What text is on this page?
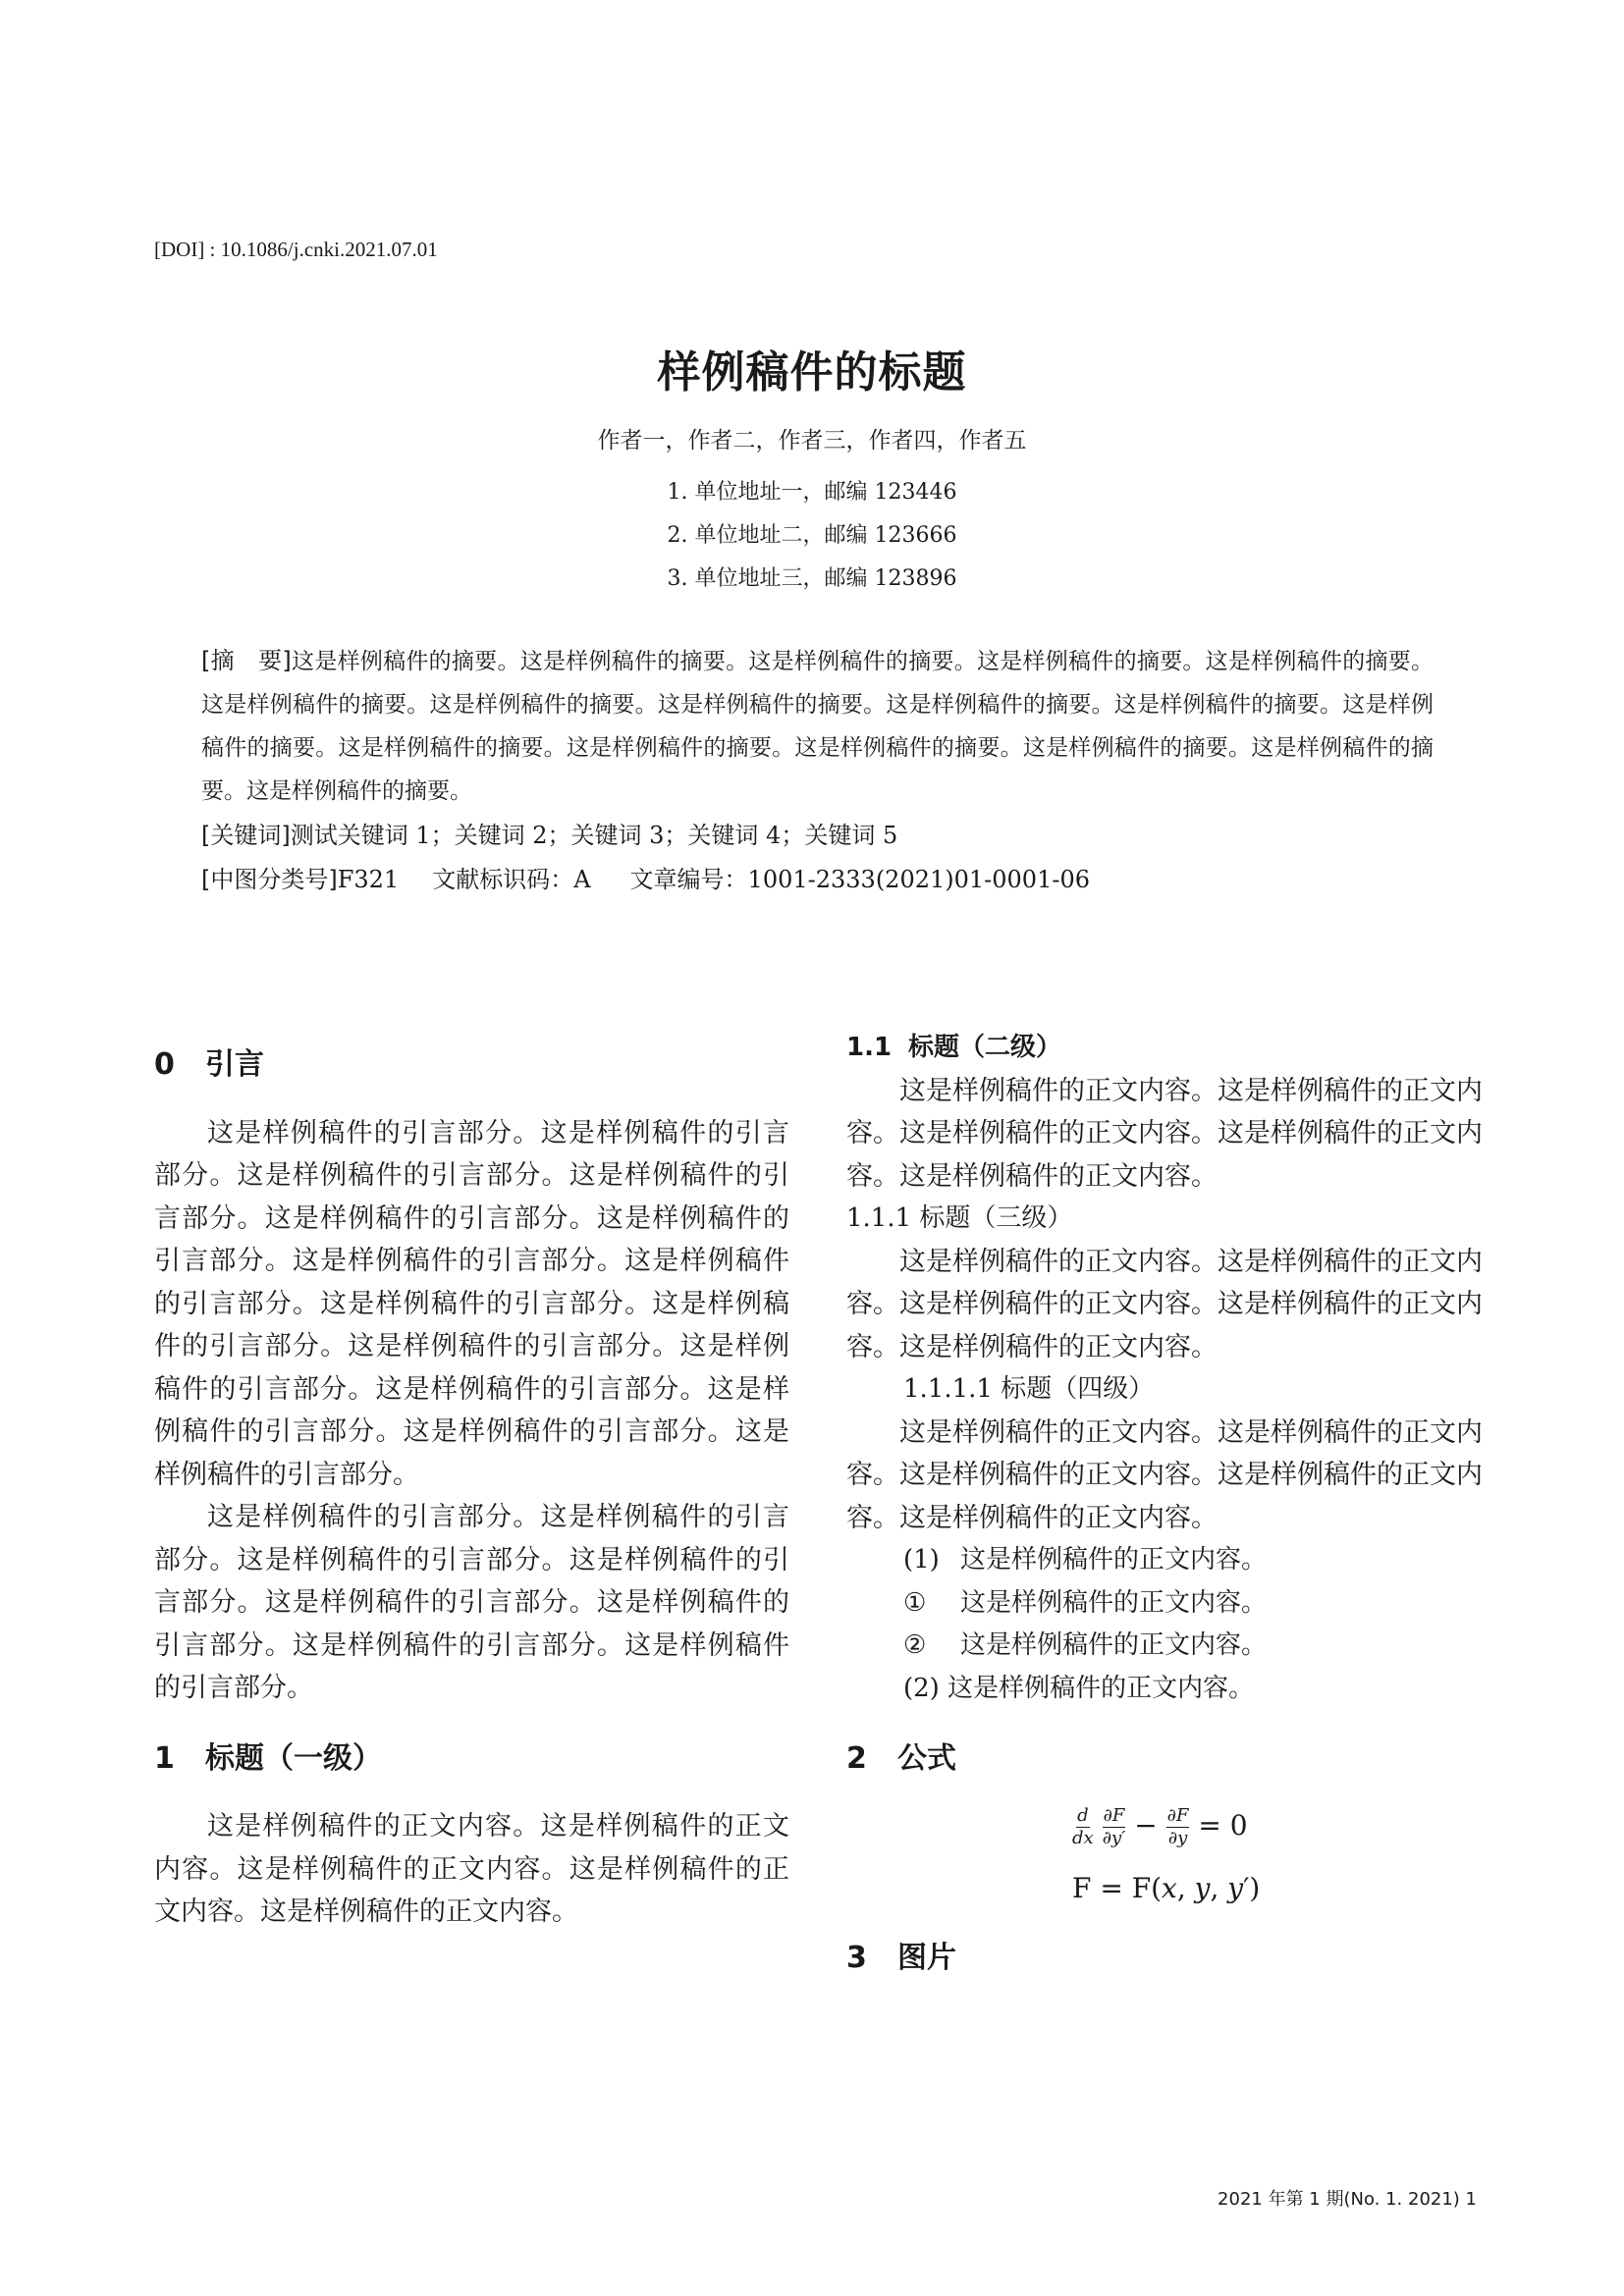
[DOI] : 10.1086/j.cnki.2021.07.01
样例稿件的标题
作者一，作者二，作者三，作者四，作者五
1. 单位地址一，邮编 123446
2. 单位地址二，邮编 123666
3. 单位地址三，邮编 123896
[摘　要]这是样例稿件的摘要。这是样例稿件的摘要。这是样例稿件的摘要。这是样例稿件的摘要。这是样例稿件的摘要。这是样例稿件的摘要。这是样例稿件的摘要。这是样例稿件的摘要。这是样例稿件的摘要。这是样例稿件的摘要。这是样例稿件的摘要。这是样例稿件的摘要。这是样例稿件的摘要。这是样例稿件的摘要。这是样例稿件的摘要。这是样例稿件的摘要。这是样例稿件的摘要。
[关键词]测试关键词 1；关键词 2；关键词 3；关键词 4；关键词 5
[中图分类号]F321 文献标识码：A 文章编号：1001-2333(2021)01-0001-06
0 引言

这是样例稿件的引言部分。这是样例稿件的引言部分。这是样例稿件的引言部分。这是样例稿件的引言部分。这是样例稿件的引言部分。这是样例稿件的引言部分。这是样例稿件的引言部分。这是样例稿件的引言部分。这是样例稿件的引言部分。这是样例稿件的引言部分。这是样例稿件的引言部分。这是样例稿件的引言部分。这是样例稿件的引言部分。这是样例稿件的引言部分。这是样例稿件的引言部分。这是样例稿件的引言部分。

这是样例稿件的引言部分。这是样例稿件的引言部分。这是样例稿件的引言部分。这是样例稿件的引言部分。这是样例稿件的引言部分。这是样例稿件的引言部分。这是样例稿件的引言部分。这是样例稿件的引言部分。

1 标题（一级）

这是样例稿件的正文内容。这是样例稿件的正文内容。这是样例稿件的正文内容。这是样例稿件的正文内容。这是样例稿件的正文内容。

1.1 标题（二级）

这是样例稿件的正文内容。这是样例稿件的正文内容。这是样例稿件的正文内容。这是样例稿件的正文内容。这是样例稿件的正文内容。

1.1.1 标题（三级）

这是样例稿件的正文内容。这是样例稿件的正文内容。这是样例稿件的正文内容。这是样例稿件的正文内容。这是样例稿件的正文内容。

1.1.1.1 标题（四级）

这是样例稿件的正文内容。这是样例稿件的正文内容。这是样例稿件的正文内容。这是样例稿件的正文内容。这是样例稿件的正文内容。

(1) 这是样例稿件的正文内容。
① 这是样例稿件的正文内容。
② 这是样例稿件的正文内容。
(2) 这是样例稿件的正文内容。
2 公式
$\frac{d}{dx}$
$\frac{\partial F}{\partial y'} - \frac{\partial F}{\partial y} = 0$
F = F(𝑥, 𝑦, 𝑦′)
3 图片
2021 年第 1 期(No. 1. 2021) 1
